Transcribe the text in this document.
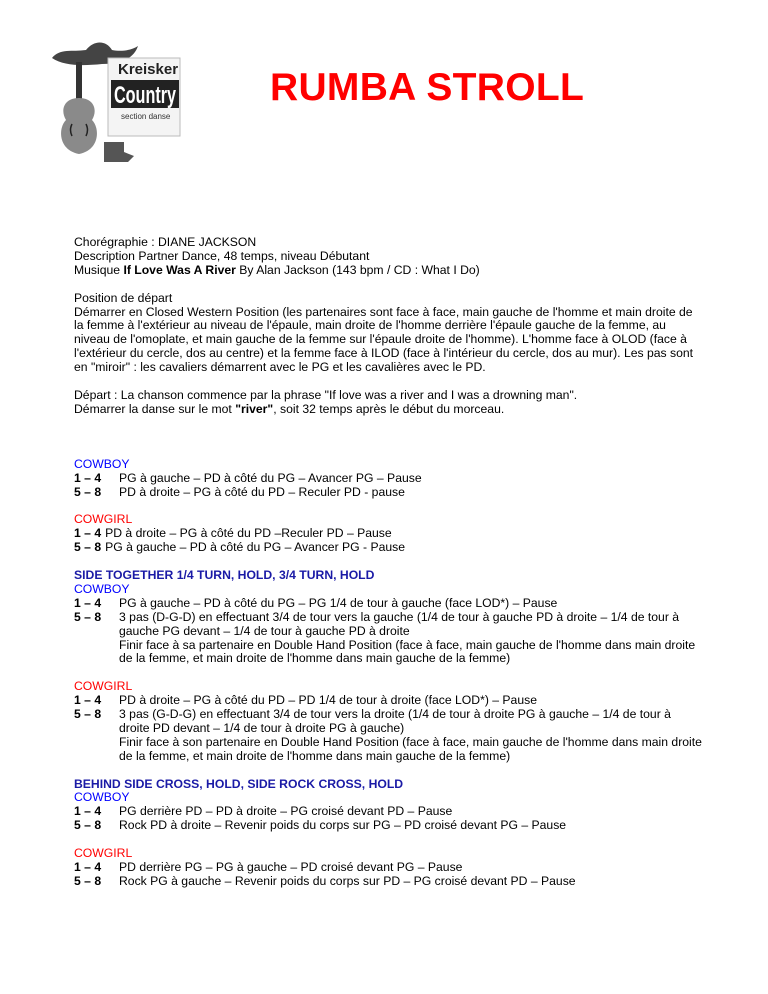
Kreisker
Country
section danse
RUMBA STROLL
Chorégraphie : DIANE JACKSON
Description Partner Dance, 48 temps, niveau Débutant
Musique If Love Was A River By Alan Jackson (143 bpm / CD : What I Do)
Position de départ

Démarrer en Closed Western Position (les partenaires sont face à face, main gauche de l'homme et main droite de la femme à l'extérieur au niveau de l'épaule, main droite de l'homme derrière l'épaule gauche de la femme, au niveau de l'omoplate, et main gauche de la femme sur l'épaule droite de l'homme). L'homme face à OLOD (face à l'extérieur du cercle, dos au centre) et la femme face à ILOD (face à l'intérieur du cercle, dos au mur). Les pas sont en "miroir" : les cavaliers démarrent avec le PG et les cavalières avec le PD.

Départ : La chanson commence par la phrase "If love was a river and I was a drowning man".
Démarrer la danse sur le mot "river", soit 32 temps après le début du morceau.
COWBOY
1 – 4	PG à gauche – PD à côté du PG – Avancer PG – Pause
5 – 8	PD à droite – PG à côté du PD – Reculer PD - pause
COWGIRL
1 – 4 PD à droite – PG à côté du PD –Reculer PD – Pause
5 – 8 PG à gauche – PD à côté du PG – Avancer PG - Pause
SIDE TOGETHER 1/4 TURN, HOLD, 3/4 TURN, HOLD
COWBOY
1 – 4	PG à gauche – PD à côté du PG – PG 1/4 de tour à gauche (face LOD*) – Pause
5 – 8	3 pas (D-G-D) en effectuant 3/4 de tour vers la gauche (1/4 de tour à gauche PD à droite – 1/4 de tour à gauche PG devant – 1/4 de tour à gauche PD à droite
Finir face à sa partenaire en Double Hand Position (face à face, main gauche de l'homme dans main droite de la femme, et main droite de l'homme dans main gauche de la femme)
COWGIRL
1 – 4	PD à droite – PG à côté du PD – PD 1/4 de tour à droite (face LOD*) – Pause
5 – 8	3 pas (G-D-G) en effectuant 3/4 de tour vers la droite (1/4 de tour à droite PG à gauche – 1/4 de tour à droite PD devant – 1/4 de tour à droite PG à gauche)
Finir face à son partenaire en Double Hand Position (face à face, main gauche de l'homme dans main droite de la femme, et main droite de l'homme dans main gauche de la femme)
BEHIND SIDE CROSS, HOLD, SIDE ROCK CROSS, HOLD
COWBOY
1 – 4	PG derrière PD – PD à droite – PG croisé devant PD – Pause
5 – 8	Rock PD à droite – Revenir poids du corps sur PG – PD croisé devant PG – Pause
COWGIRL
1 – 4	PD derrière PG – PG à gauche – PD croisé devant PG – Pause
5 – 8	Rock PG à gauche – Revenir poids du corps sur PD – PG croisé devant PD – Pause
